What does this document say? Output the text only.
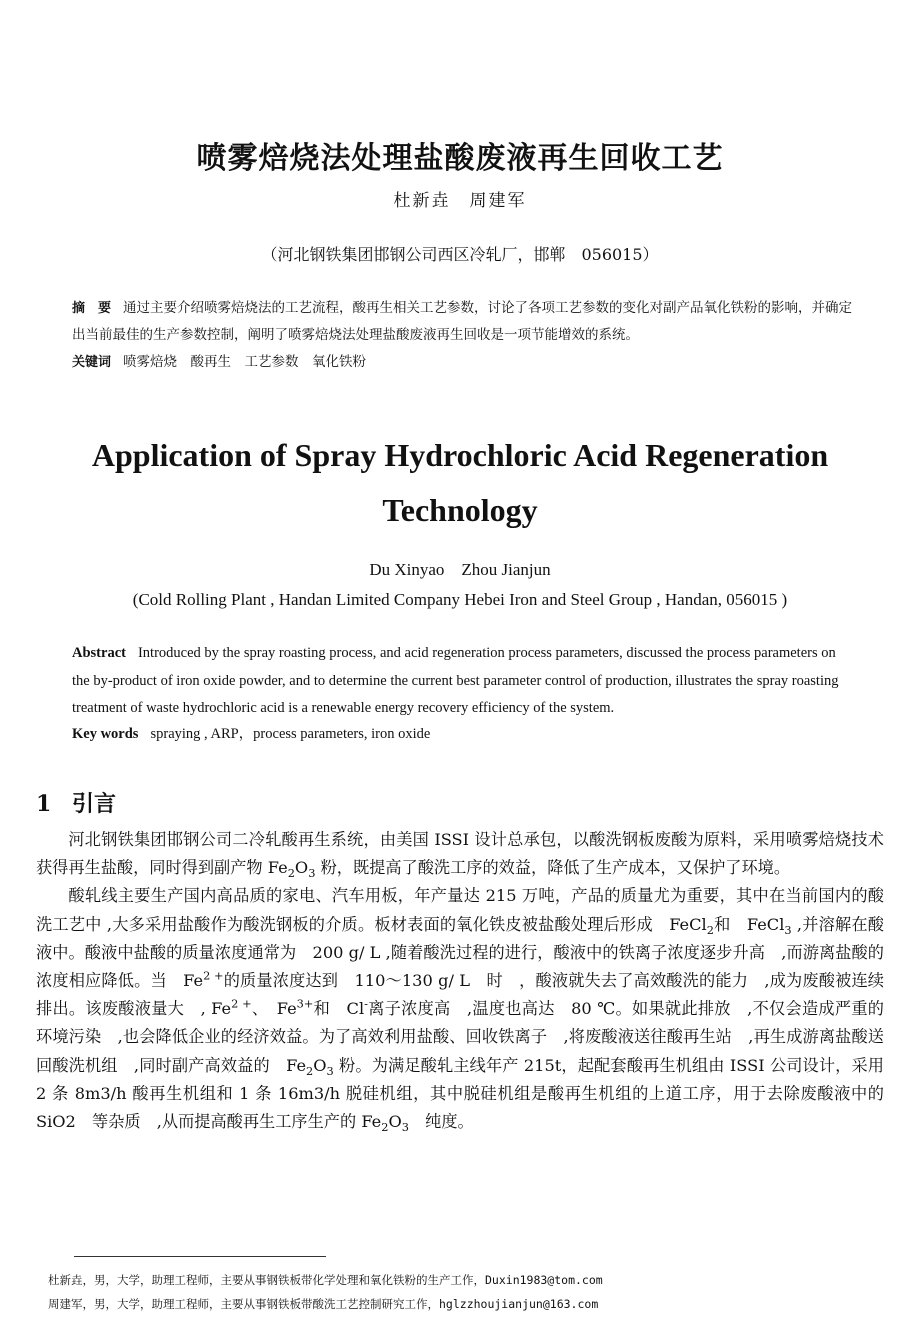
喷雾焙烧法处理盐酸废液再生回收工艺
杜新垚　周建军
（河北钢铁集团邯钢公司西区冷轧厂，邯郸　056015）
摘　要 通过主要介绍喷雾焙烧法的工艺流程，酸再生相关工艺参数，讨论了各项工艺参数的变化对副产品氧化铁粉的影响，并确定出当前最佳的生产参数控制，阐明了喷雾焙烧法处理盐酸废液再生回收是一项节能增效的系统。
关键词 喷雾焙烧　酸再生　工艺参数　氧化铁粉
Application of Spray Hydrochloric Acid Regeneration
Technology
Du Xinyao　Zhou Jianjun
(Cold Rolling Plant , Handan Limited Company Hebei Iron and Steel Group , Handan, 056015 )
Abstract Introduced by the spray roasting process, and acid regeneration process parameters, discussed the process parameters on the by-product of iron oxide powder, and to determine the current best parameter control of production, illustrates the spray roasting treatment of waste hydrochloric acid is a renewable energy recovery efficiency of the system.
Key words spraying , ARP，process parameters, iron oxide
1 引言

河北钢铁集团邯钢公司二冷轧酸再生系统，由美国 ISSI 设计总承包，以酸洗钢板废酸为原料，采用喷雾焙烧技术获得再生盐酸，同时得到副产物 $Fe_2O_3$ 粉，既提高了酸洗工序的效益，降低了生产成本，又保护了环境。

酸轧线主要生产国内高品质的家电、汽车用板，年产量达 215 万吨，产品的质量尤为重要，其中在当前国内的酸洗工艺中 ,大多采用盐酸作为酸洗钢板的介质。板材表面的氧化铁皮被盐酸处理后形成　FeCl$_2$和　FeCl$_3$ ,并溶解在酸液中。酸液中盐酸的质量浓度通常为　200 g/ L ,随着酸洗过程的进行，酸液中的铁离子浓度逐步升高　,而游离盐酸的浓度相应降低。当　$Fe^{2 +}$的质量浓度达到　110～130 g/ L　时　，酸液就失去了高效酸洗的能力　,成为废酸被连续排出。该废酸液量大　, $Fe^{2 +}$、　$Fe^{3+}$和　Cl-离子浓度高　,温度也高达　80 ℃。如果就此排放　,不仅会造成严重的环境污染　,也会降低企业的经济效益。为了高效利用盐酸、回收铁离子　,将废酸液送往酸再生站　,再生成游离盐酸送回酸洗机组　,同时副产高效益的　$Fe_2O_3$ 粉。为满足酸轧主线年产 215t，起配套酸再生机组由 ISSI 公司设计，采用 2 条 8m3/h 酸再生机组和 1 条 16m3/h 脱硅机组，其中脱硅机组是酸再生机组的上道工序，用于去除废酸液中的　SiO2　等杂质　,从而提高酸再生工序生产的 $Fe_2O_3$　纯度。

杜新垚，男，大学，助理工程师，主要从事钢铁板带化学处理和氧化铁粉的生产工作，Duxin1983@tom.com
周建军，男，大学，助理工程师，主要从事钢铁板带酸洗工艺控制研究工作，hglzzhoujianjun@163.com
